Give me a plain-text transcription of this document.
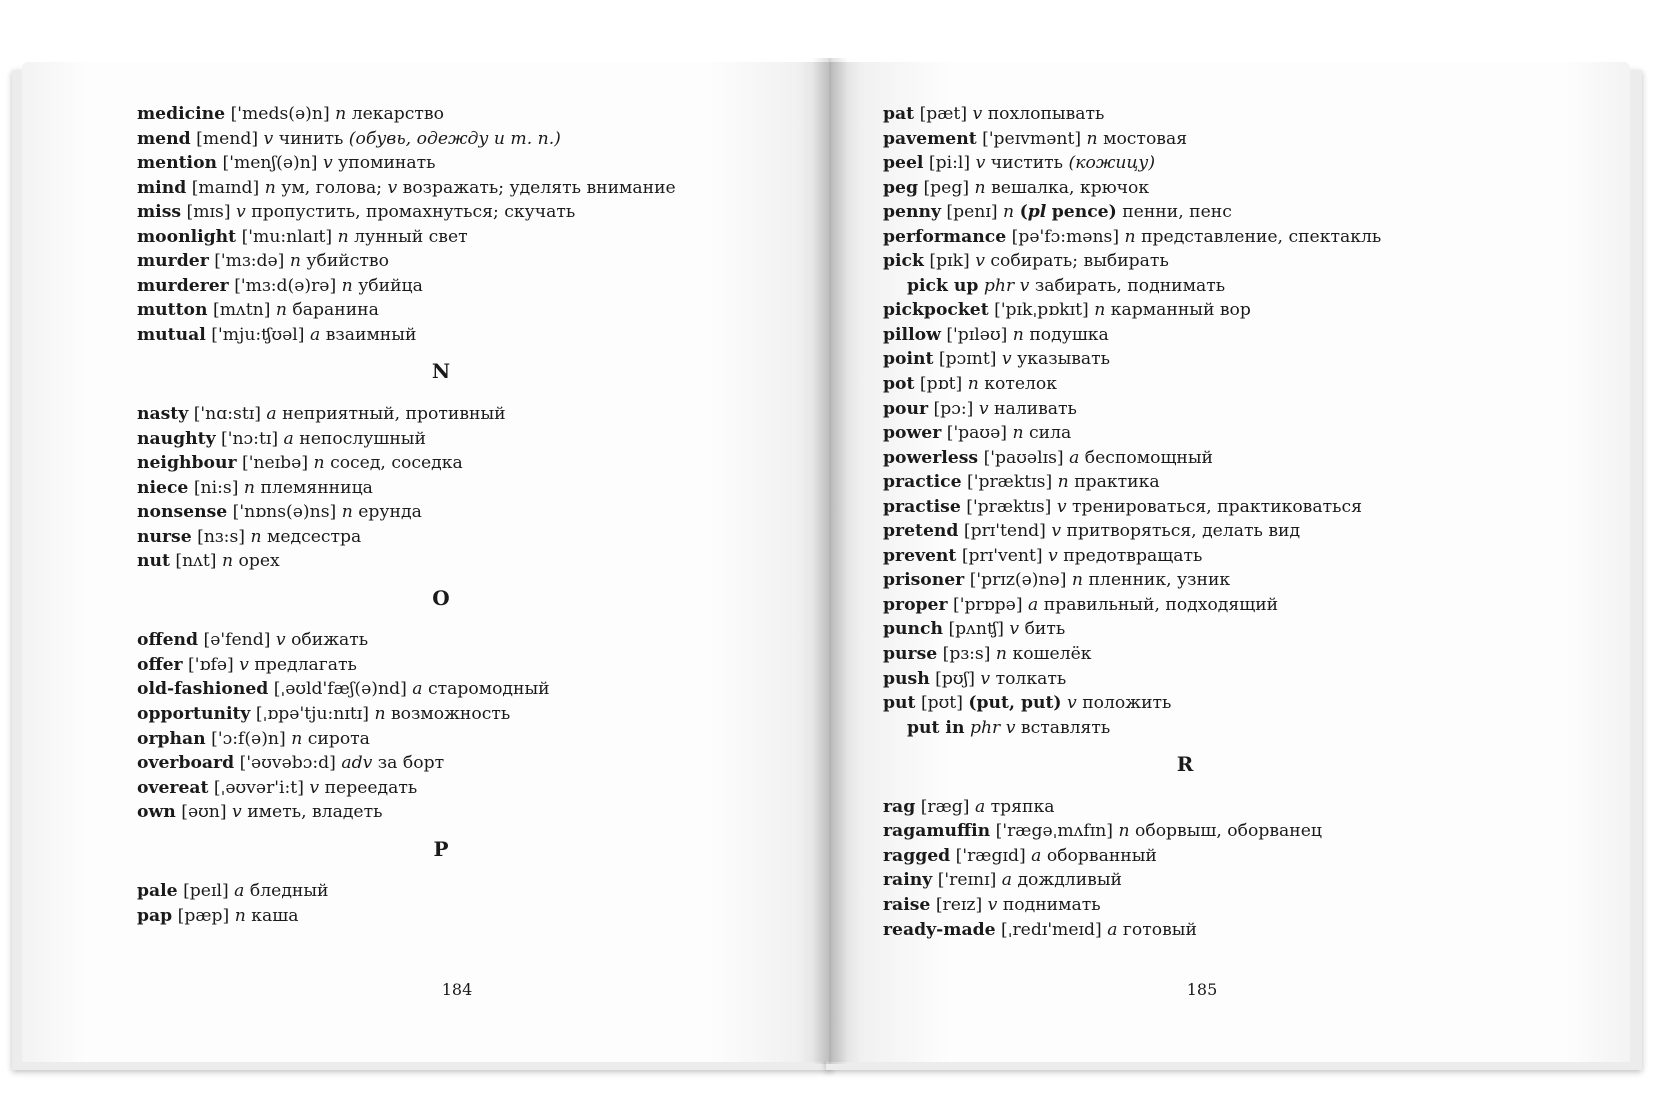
medicine ['meds(ə)n] n лекарство
mend [mend] v чинить (обувь, одежду и т. п.)
mention ['menʃ(ə)n] v упоминать
mind [maɪnd] n ум, голова; v возражать; уделять внимание
miss [mɪs] v пропустить, промахнуться; скучать
moonlight ['mu:nlaɪt] n лунный свет
murder ['mɜ:də] n убийство
murderer ['mɜ:d(ə)rə] n убийца
mutton [mʌtn] n баранина
mutual ['mju:ʧʊəl] a взаимный
N
nasty ['nɑ:stɪ] a неприятный, противный
naughty ['nɔ:tɪ] a непослушный
neighbour ['neɪbə] n сосед, соседка
niece [ni:s] n племянница
nonsense ['nɒns(ə)ns] n ерунда
nurse [nɜ:s] n медсестра
nut [nʌt] n орех
O
offend [ə'fend] v обижать
offer ['ɒfə] v предлагать
old-fashioned [ˌəʊld'fæʃ(ə)nd] a старомодный
opportunity [ˌɒpə'tju:nɪtɪ] n возможность
orphan ['ɔ:f(ə)n] n сирота
overboard ['əʊvəbɔ:d] adv за борт
overeat [ˌəʊvər'i:t] v переедать
own [əʊn] v иметь, владеть
P
pale [peɪl] a бледный
pap [pæp] n каша
pat [pæt] v похлопывать
pavement ['peɪvmənt] n мостовая
peel [pi:l] v чистить (кожицу)
peg [peg] n вешалка, крючок
penny [penɪ] n (pl pence) пенни, пенс
performance [pə'fɔ:məns] n представление, спектакль
pick [pɪk] v собирать; выбирать
pick up phr v забирать, поднимать
pickpocket ['pɪkˌpɒkɪt] n карманный вор
pillow ['pɪləʊ] n подушка
point [pɔɪnt] v указывать
pot [pɒt] n котелок
pour [pɔ:] v наливать
power ['paʊə] n сила
powerless ['paʊəlɪs] a беспомощный
practice ['præktɪs] n практика
practise ['præktɪs] v тренироваться, практиковаться
pretend [prɪ'tend] v притворяться, делать вид
prevent [prɪ'vent] v предотвращать
prisoner ['prɪz(ə)nə] n пленник, узник
proper ['prɒpə] a правильный, подходящий
punch [pʌnʧ] v бить
purse [pɜ:s] n кошелёк
push [pʊʃ] v толкать
put [pʊt] (put, put) v положить
put in phr v вставлять
R
rag [ræg] a тряпка
ragamuffin ['rægəˌmʌfɪn] n оборвыш, оборванец
ragged ['rægɪd] a оборванный
rainy ['reɪnɪ] a дождливый
raise [reɪz] v поднимать
ready-made [ˌredɪ'meɪd] a готовый
184	185
